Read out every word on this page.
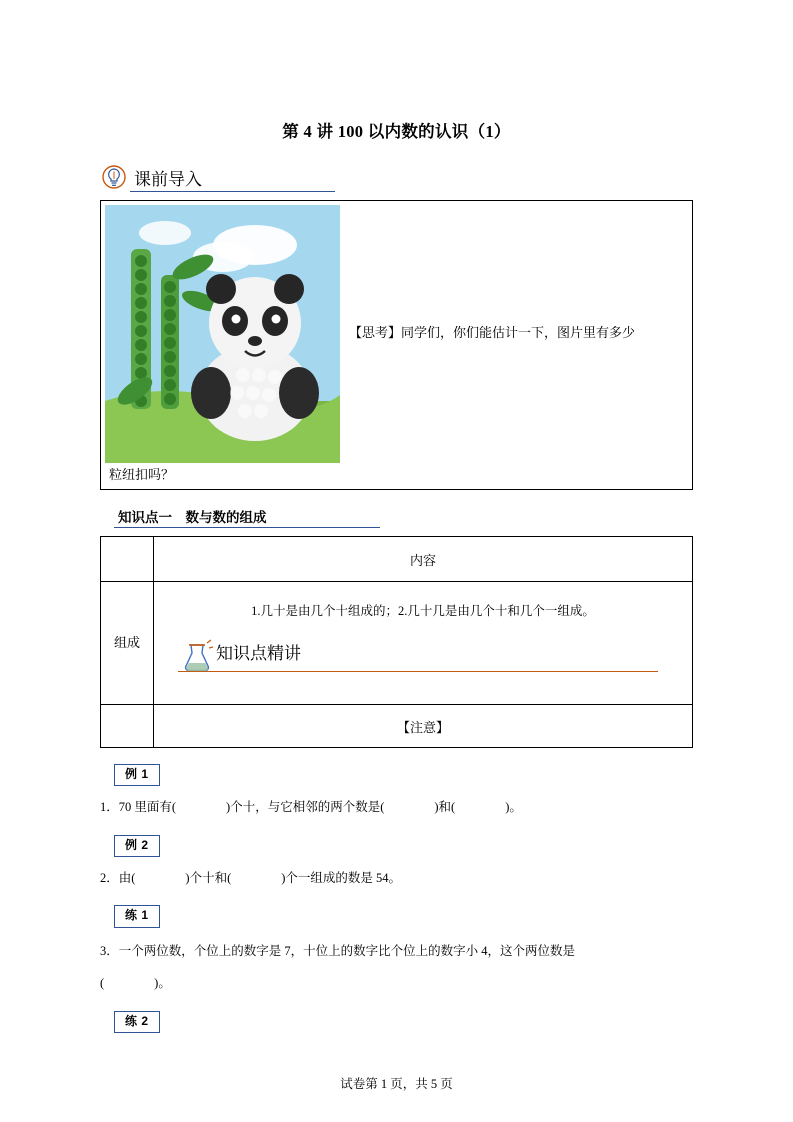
第 4 讲 100 以内数的认识（1）
课前导入
【思考】同学们，你们能估计一下，图片里有多少
粒纽扣吗？
知识点一　数与数的组成
	内容
组成	1.几十是由几个十组成的；2.几十几是由几个十和几个一组成。
知识点精讲

	【注意】
例 1
1．70 里面有(　　　　)个十，与它相邻的两个数是(　　　　)和(　　　　)。
例 2
2．由(　　　　)个十和(　　　　)个一组成的数是 54。
练 1
3．一个两位数，个位上的数字是 7，十位上的数字比个位上的数字小 4，这个两位数是
(　　　　)。
练 2
试卷第 1 页，共 5 页
